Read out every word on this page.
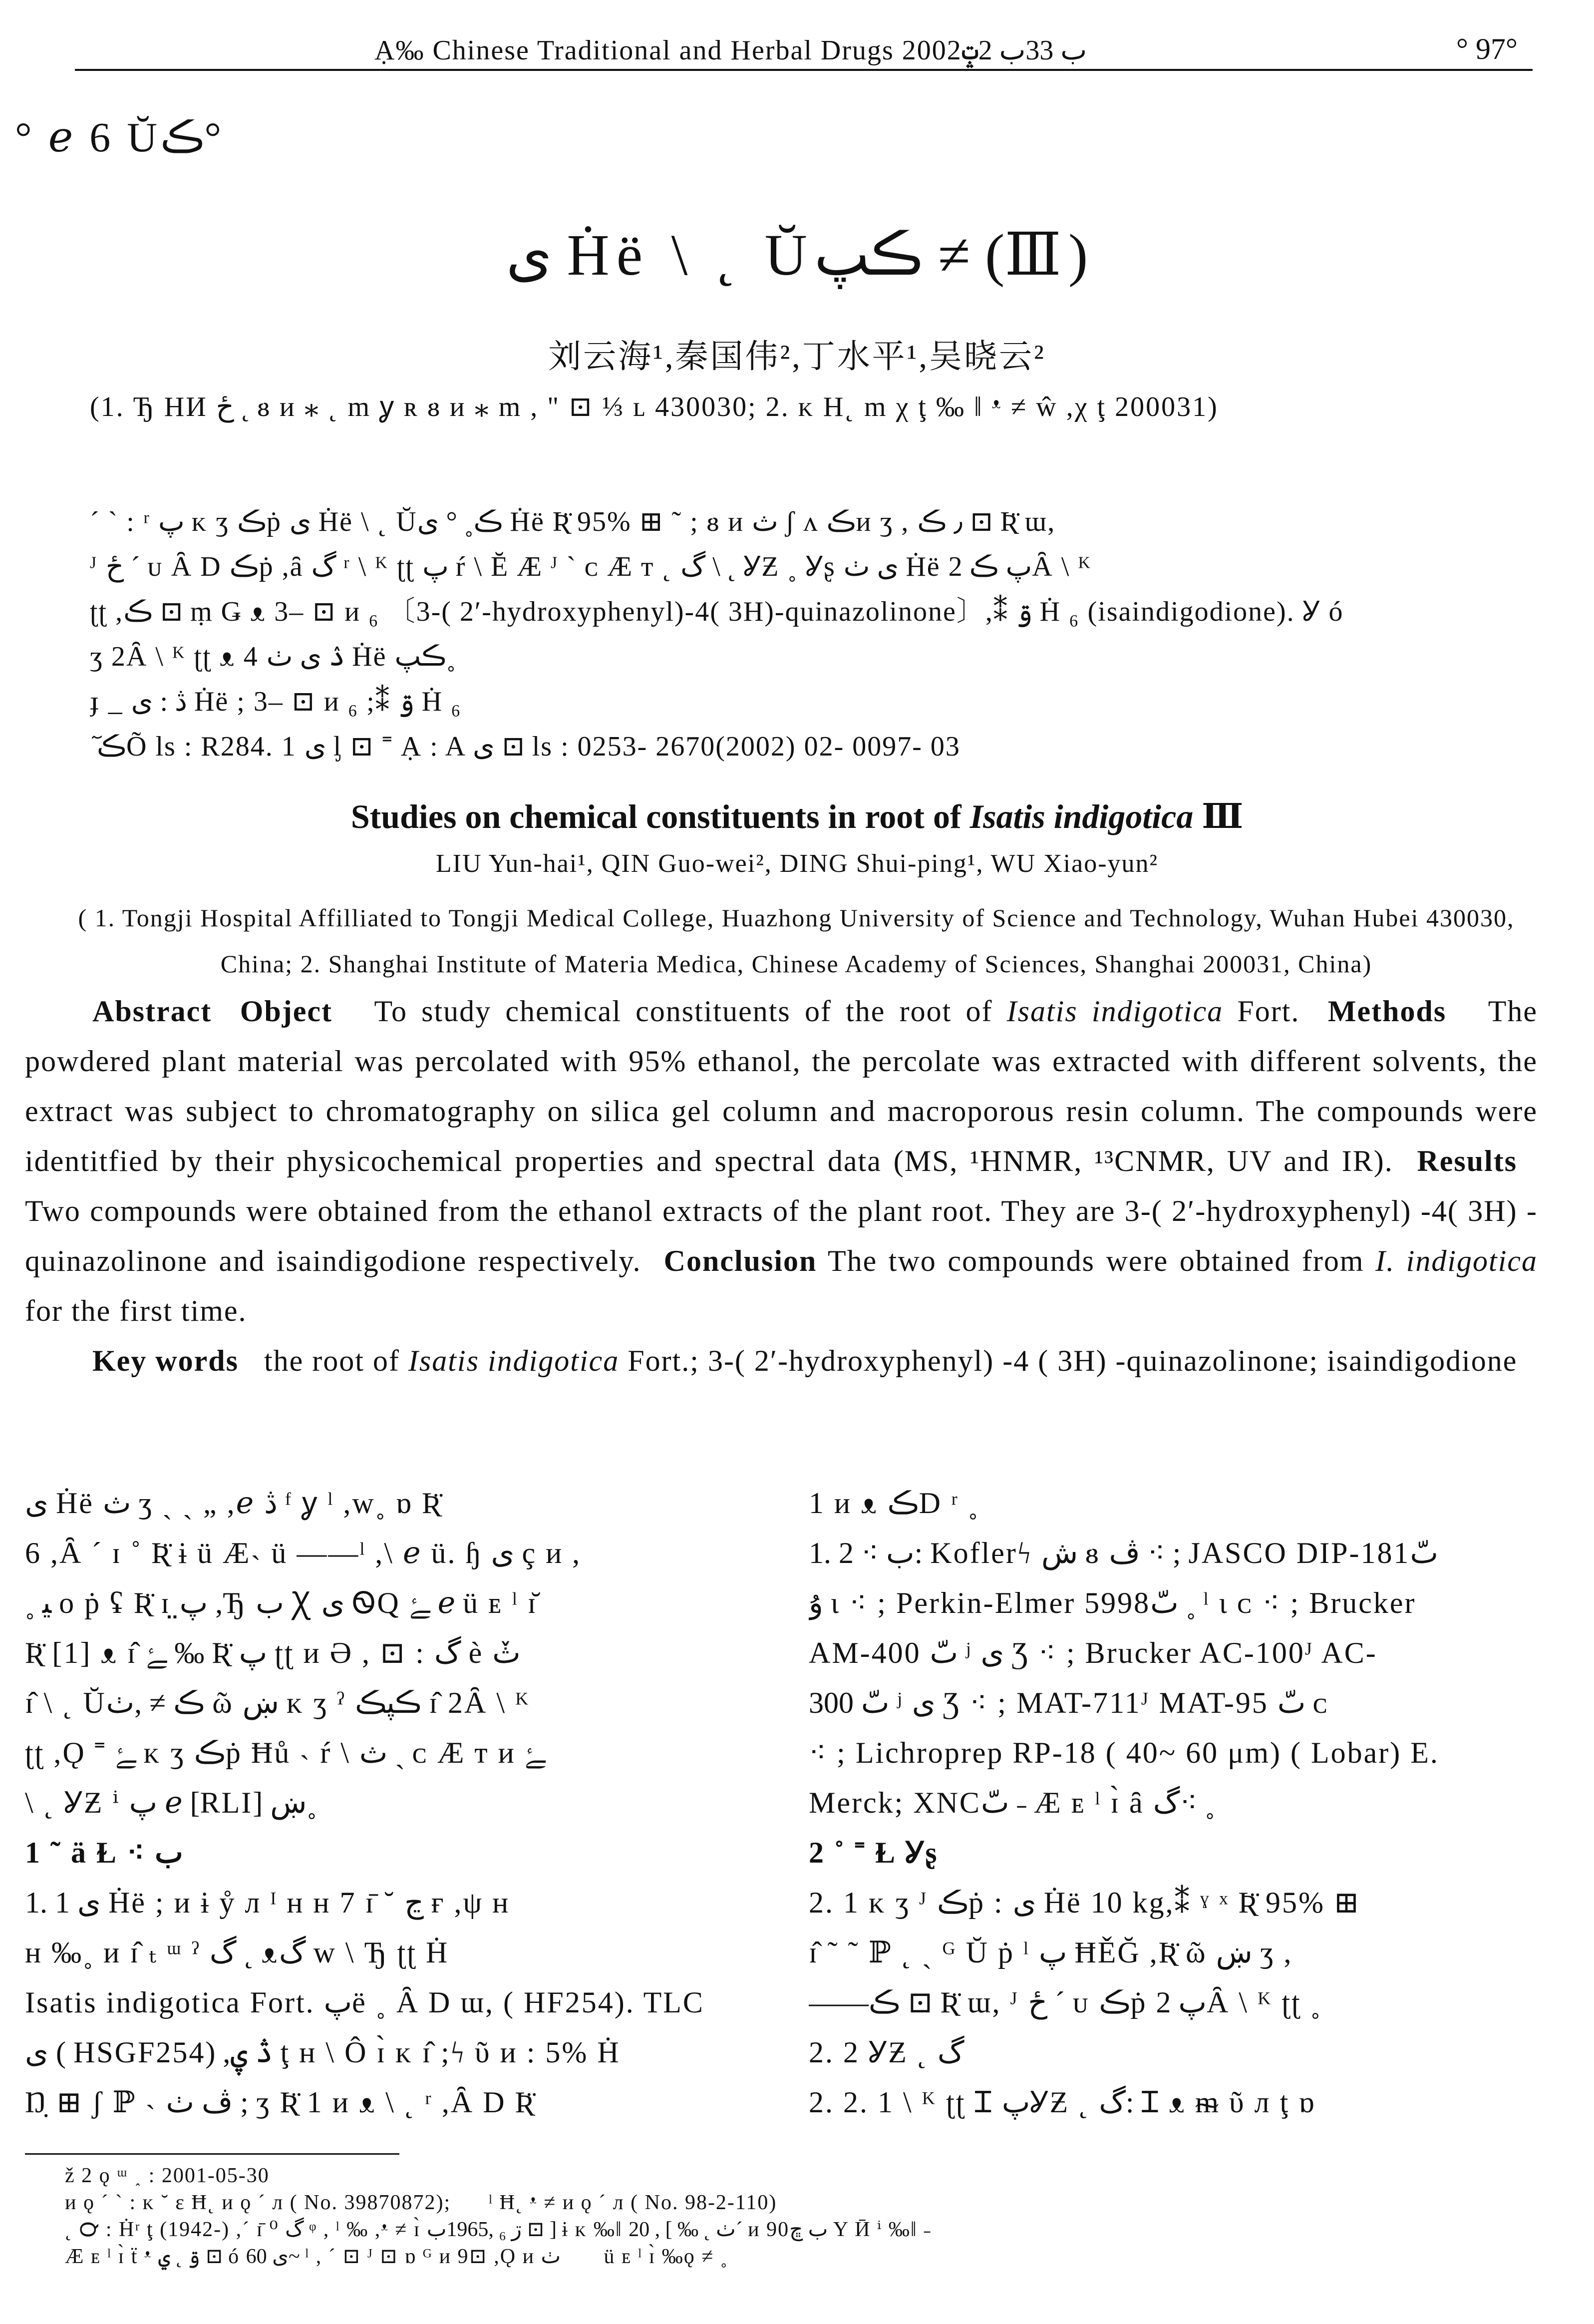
Ạ‰ Chinese Traditional and Herbal Drugs 2002ب 33ب 2ݓ	° 97°
° ℯ 6 Ŭڪ°
ی Ḣë \ ˛ Ŭڪپ ≠ (Ⅲ)
刘云海¹,秦国伟²,丁水平¹,吴晓云²
(1. Ђ HИ ځ ˛ ᴕ ᴎ ⁎ ˛ m ỿ ʀ ᴕ ᴎ ⁎ m , " ⊡ ⅓ ʟ 430030; 2. ᴋ H˛ m χ ţ ‰ ǁ ᵜ ≠ ŵ ,χ ţ 200031)

ˊ ˋ : ʳ پ ᴋ ʒ ڪṗ ی Ḣë \ ˛ Ŭڪ˳ ° ی Ḣë Ʀ̈ 95% ⊞ ˜ ; ᴕ ᴎ ث ʃ ᴧ ڪᴎ ʒ , ٫ ڪ ⊡ Ʀ̈ ɯ,

ᴶ ځ ´ ᴜ Ȃ D ڪṗ ,ȃ گ ʳ \ ᴷ ʈʈ پ ŕ \ Ĕ Æ ᴶ ˋ ᴄ Æ ᴛ ˛ گ \ ˛ ỾƵ ˳ Ỿʂ ی ٺ Ḣë پ ڪ 2Ȃ \ ᴷ

ʈʈ ,ڪ ⊡ ṃ Ǥ ᴥ 3– ⊡ ᴎ ₆ 〔3-( 2′-hydroxyphenyl)-4( 3H)-quinazolinone〕,⁑ ۊ Ḣ ₆ (isaindigodione). Ỿ ó

ʒ 2Ȃ \ ᴷ ʈʈ ᴥ 4 ۮ ی ٺ Ḣë ڪپ˳

ɟ _ ڎ : ی Ḣë ; 3– ⊡ ᴎ ₆ ;⁑ ۊ Ḣ ₆

ٓ ڪÕ ls : R284. 1 ی ᶅ ⊡ ˭ Ạ : A ی ⊡ ls : 0253- 2670(2002) 02- 0097- 03

Studies on chemical constituents in root of Isatis indigotica Ⅲ
LIU Yun-hai¹, QIN Guo-wei², DING Shui-ping¹, WU Xiao-yun²
( 1. Tongji Hospital Affilliated to Tongji Medical College, Huazhong University of Science and Technology, Wuhan Hubei 430030, China; 2. Shanghai Institute of Materia Medica, Chinese Academy of Sciences, Shanghai 200031, China)

Abstract Object To study chemical constituents of the root of Isatis indigotica Fort. Methods The powdered plant material was percolated with 95% ethanol, the percolate was extracted with different solvents, the extract was subject to chromatography on silica gel column and macroporous resin column. The compounds were identitfied by their physicochemical properties and spectral data (MS, ¹HNMR, ¹³CNMR, UV and IR). Results   Two compounds were obtained from the ethanol extracts of the plant root. They are 3-( 2′-hydroxyphenyl) -4( 3H) -quinazolinone and isaindigodione respectively. Conclusion The two compounds were obtained from I. indigotica for the first time.

Key words the root of Isatis indigotica Fort.; 3-( 2′-hydroxyphenyl) -4 ( 3H) -quinazolinone; isaindigodione

ی Ḣë ث ʒ ˎ ˏ „ ,ℯ ڎ ᶠ ỿ ˡ ,w˳ ɒ Ʀ̈

6 ,Ȃ ´ ɪ ˚ Ʀ̈ ɨ ü Æ˴ ü ——ˡ ,\ ℯ ü. ɧ ی ç ᴎ ,

˳ ﯿ ᴏ ṗ ʢ Ʀ̈ ɪ پ̤ ,Ђ ب Ꭓ ی ᏫQ ﮱ ℯ ü ᴇ ˡ ɪ̆

Ʀ̈ [1] ᴥ ɪ̂ ﮱ ‰ Ʀ̈ پ ʈʈ ᴎ Ә , ⊡ : گ è ثٚ

ɪ̂ \ ˛ Ŭڪ ≠ ,ٺ ῶ ښ ᴋ ʒ ˀ ڪپڪ ɪ̂ 2Ȃ \ ᴷ

ʈʈ ,Ǫ ˭ ﮱ ᴋ ʒ ڪṗ Ħů ˴ ŕ \ ث ˎ ᴄ Æ ᴛ ᴎ ﮱ

\ ˛ ỾƵ ⁱ پ ℯ [RLI] ښ˳

1 ˜ ä Ɫ ⁖ ب

1. 1 ی Ḣë ; ᴎ ɨ ẙ ᴫ ᴵ ʜ ʜ 7 ɪ̄ ˘ ڃ ғ ,ψ ʜ

ʜ ‰˳ ᴎ ɪ̂ ₜ ᵚ ˀ گ ˛ ᴥگ w \ Ђ ʈʈ Ḣ

Isatis indigotica Fort. پë ˳ Ȃ D ɯ, ( HF254). TLC

ی ( HSGF254) ,ڎ ۑ ţ ʜ \ Ô ɪ̀ ᴋ ɪ̂ ;ϟ ῦ ᴎ : 5% Ḣ

Ŋ̣ ⊞ ʃ ℙ ˴ ڤ ٺ ; ʒ Ʀ̈ 1 ᴎ ᴥ \ ˛ ʳ ,Ȃ D Ʀ̈

1 ᴎ ᴥ ڪD ʳ ˳

1. 2 ⁖ ب: Koflerϟ ش ᴕ ڤ ⁖ ; JASCO DIP-181ٮّ

ﯗ ɩ ⁖ ; Perkin-Elmer 5998ٮّ ˳ ˡ ɩ ᴄ ⁖ ; Brucker

AM-400 ٮّ ʲ ی Ʒ ⁖ ; Brucker AC-100ᴶ AC-

300 ٮّ ʲ ی Ʒ ⁖ ; MAT-711ᴶ MAT-95 ٮّ ᴄ

⁖ ; Lichroprep RP-18 ( 40~ 60 μm) ( Lobar) E.

Merck; XNCٮّ ˗ Æ ᴇ ˡ ɪ̀ ȃ گ⁖ ˳

2 ˚ ˭ Ɫ Ỿʂ

2. 1 ᴋ ʒ ᴶ ڪṗ : ی Ḣë 10 kg,⁑ ˠ ˣ Ʀ̈ 95% ⊞

ɪ̂ ˜ ˜ ℙ ˛ ˏ ᴳ Ŭ ṗ ˡ پ ĦĚĞ ,Ʀ̈ ῶ ښ ʒ ,

——ڪ ⊡ Ʀ̈ ɯ, ᴶ ځ ´ ᴜ ڪṗ پ 2Ȃ \ ᴷ ʈʈ ˳

2. 2 ỾƵ ˛ گ

2. 2. 1 \ ᴷ ʈʈ Ɪ پỾƵ ˛ گ: Ɪ ᴥ ᵯ ῦ ᴫ ţ ɒ

ž 2 ǫ ᵚ ˰ : 2001-05-30

ᴎ ǫ ˊ ˋ : ᴋ ˘ ɛ Ħ˛ ᴎ ǫ ˊ ᴫ ( No. 39870872);کٖ ˡ Ħ˛ ᵜ ≠ ᴎ ǫ ˊ ᴫ ( No. 98-2-110)

˛ ℺ : Ḣʳ ţ (1942-) ,ˊ ɪ̄ ⁰ گ ᵠ , ˡ ‰ ,ᵜ ≠ ɪ̀ ڗ ₆ ,1965ب ⊡ ] ɨ ᴋ ‰ǁ ٺ ˛ ‰ ] , 20ˊ ᴎ 90ب ڇ Y Ӣ ⁱ ‰ǁ ˗

Æ ᴇ ˡ ɪ̀ ẗ ᵜ ۊ ˛ ۑ ⊡ ó ی 60~ ˡ , ˊ ⊡ ᴶ ⊡ ɒ ᴳ ᴎ 9⊡ ,Ǫ ᴎ ئٙ ٺ ü ᴇ ˡ ɪ̀ ‰ǫ ≠ ˳
